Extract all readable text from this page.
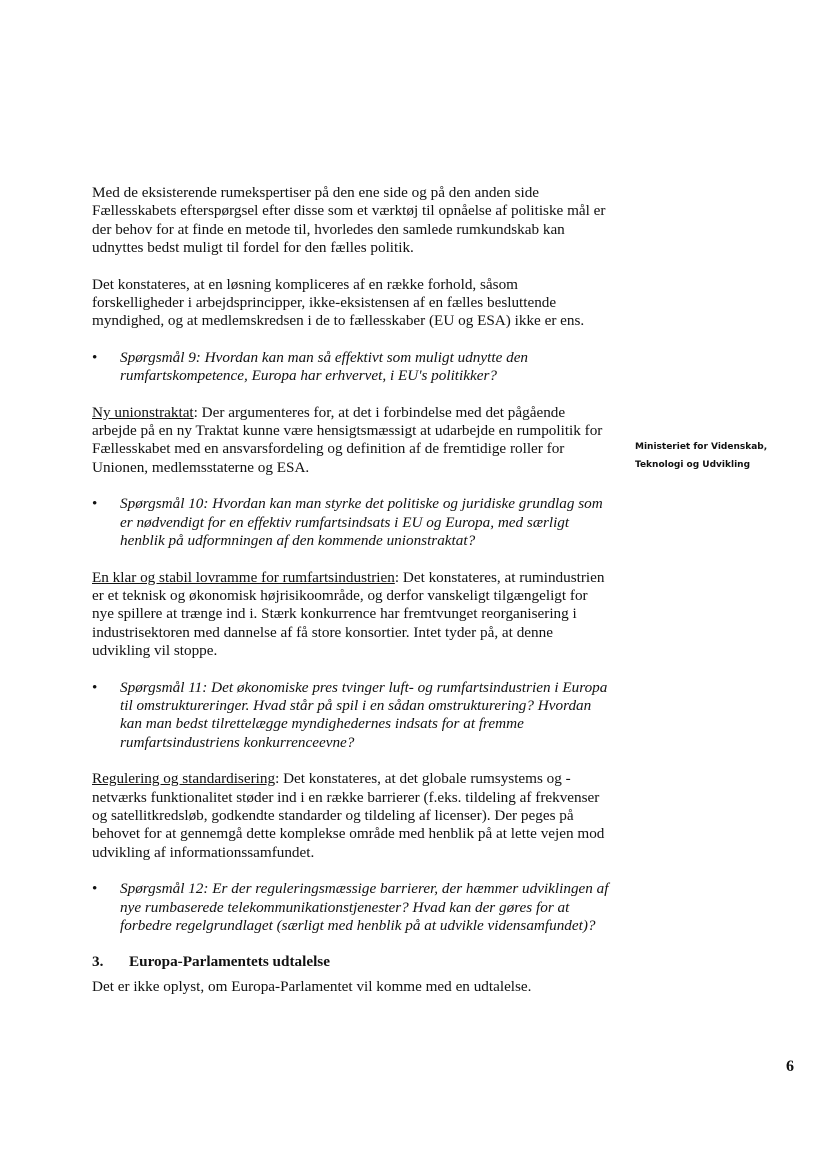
Med de eksisterende rumekspertiser på den ene side og på den anden side Fællesskabets efterspørgsel efter disse som et værktøj til opnåelse af politiske mål er der behov for at finde en metode til, hvorledes den samlede rumkundskab kan udnyttes bedst muligt til fordel for den fælles politik.

Det konstateres, at en løsning kompliceres af en række forhold, såsom forskelligheder i arbejdsprincipper, ikke-eksistensen af en fælles besluttende myndighed, og at medlemskredsen i de to fællesskaber (EU og ESA) ikke er ens.

• Spørgsmål 9: Hvordan kan man så effektivt som muligt udnytte den rumfartskompetence, Europa har erhvervet, i EU's politikker?

Ny unionstraktat: Der argumenteres for, at det i forbindelse med det pågående arbejde på en ny Traktat kunne være hensigtsmæssigt at udarbejde en rumpolitik for Fællesskabet med en ansvarsfordeling og definition af de fremtidige roller for Unionen, medlemsstaterne og ESA.

• Spørgsmål 10: Hvordan kan man styrke det politiske og juridiske grundlag som er nødvendigt for en effektiv rumfartsindsats i EU og Europa, med særligt henblik på udformningen af den kommende unionstraktat?

En klar og stabil lovramme for rumfartsindustrien: Det konstateres, at rumindustrien er et teknisk og økonomisk højrisikoområde, og derfor vanskeligt tilgængeligt for nye spillere at trænge ind i. Stærk konkurrence har fremtvunget reorganisering i industrisektoren med dannelse af få store konsortier. Intet tyder på, at denne udvikling vil stoppe.

• Spørgsmål 11: Det økonomiske pres tvinger luft- og rumfartsindustrien i Europa til omstruktureringer. Hvad står på spil i en sådan omstrukturering? Hvordan kan man bedst tilrettelægge myndighedernes indsats for at fremme rumfartsindustriens konkurrenceevne?

Regulering og standardisering: Det konstateres, at det globale rumsystems og -netværks funktionalitet støder ind i en række barrierer (f.eks. tildeling af frekvenser og satellitkredsløb, godkendte standarder og tildeling af licenser). Der peges på behovet for at gennemgå dette komplekse område med henblik på at lette vejen mod udvikling af informationssamfundet.

• Spørgsmål 12: Er der reguleringsmæssige barrierer, der hæmmer udviklingen af nye rumbaserede telekommunikationstjenester? Hvad kan der gøres for at forbedre regelgrundlaget (særligt med henblik på at udvikle vidensamfundet)?
3. Europa-Parlamentets udtalelse

Det er ikke oplyst, om Europa-Parlamentet vil komme med en udtalelse.

Ministeriet for Videnskab,
Teknologi og Udvikling
6
